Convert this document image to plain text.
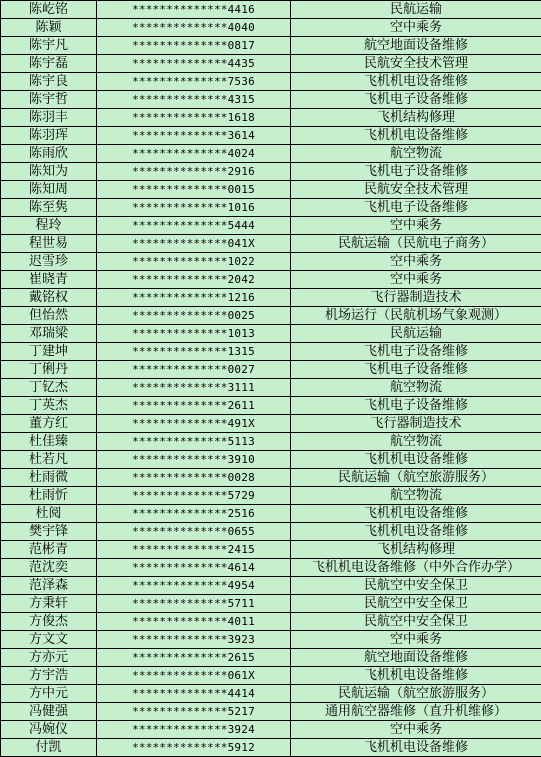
陈屹铭	**************4416	民航运输
陈颖	**************4040	空中乘务
陈宇凡	**************0817	航空地面设备维修
陈宇磊	**************4435	民航安全技术管理
陈宇良	**************7536	飞机机电设备维修
陈宇哲	**************4315	飞机电子设备维修
陈羽丰	**************1618	飞机结构修理
陈羽珲	**************3614	飞机机电设备维修
陈雨欣	**************4024	航空物流
陈知为	**************2916	飞机电子设备维修
陈知周	**************0015	民航安全技术管理
陈至隽	**************1016	飞机电子设备维修
程玲	**************5444	空中乘务
程世易	**************041X	民航运输（民航电子商务）
迟雪珍	**************1022	空中乘务
崔晓青	**************2042	空中乘务
戴铭权	**************1216	飞行器制造技术
但怡然	**************0025	机场运行（民航机场气象观测）
邓瑞梁	**************1013	民航运输
丁建坤	**************1315	飞机电子设备维修
丁俐丹	**************0027	飞机电子设备维修
丁钇杰	**************3111	航空物流
丁英杰	**************2611	飞机电子设备维修
董方红	**************491X	飞行器制造技术
杜佳臻	**************5113	航空物流
杜若凡	**************3910	飞机机电设备维修
杜雨微	**************0028	民航运输（航空旅游服务）
杜雨忻	**************5729	航空物流
杜阅	**************2516	飞机机电设备维修
樊宇锋	**************0655	飞机机电设备维修
范彬青	**************2415	飞机结构修理
范沈奕	**************4614	飞机机电设备维修（中外合作办学）
范泽森	**************4954	民航空中安全保卫
方秉轩	**************5711	民航空中安全保卫
方俊杰	**************4011	民航空中安全保卫
方文文	**************3923	空中乘务
方亦元	**************2615	航空地面设备维修
方宇浩	**************061X	飞机机电设备维修
方中元	**************4414	民航运输（航空旅游服务）
冯健强	**************5217	通用航空器维修（直升机维修）
冯婉仪	**************3924	空中乘务
付凯	**************5912	飞机机电设备维修
